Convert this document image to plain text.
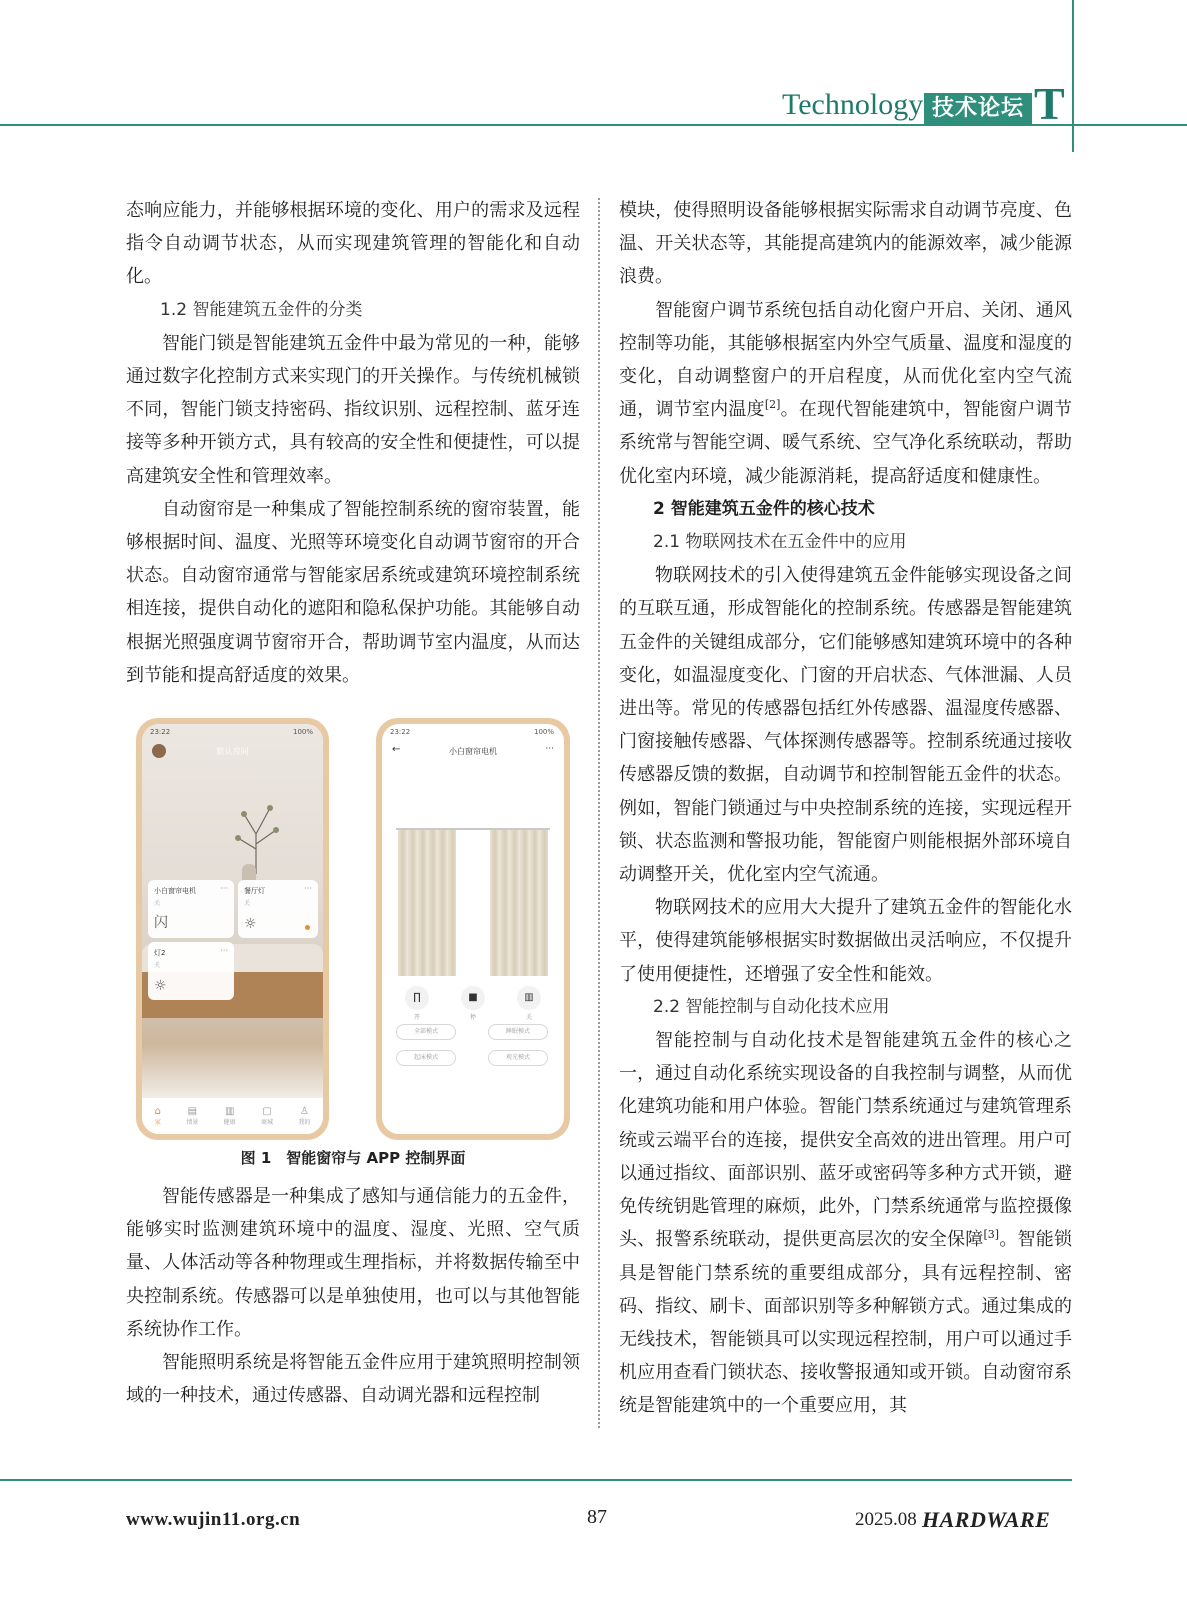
Technology 技术论坛 T

态响应能力，并能够根据环境的变化、用户的需求及远程指令自动调节状态，从而实现建筑管理的智能化和自动化。

1.2 智能建筑五金件的分类

智能门锁是智能建筑五金件中最为常见的一种，能够通过数字化控制方式来实现门的开关操作。与传统机械锁不同，智能门锁支持密码、指纹识别、远程控制、蓝牙连接等多种开锁方式，具有较高的安全性和便捷性，可以提高建筑安全性和管理效率。

自动窗帘是一种集成了智能控制系统的窗帘装置，能够根据时间、温度、光照等环境变化自动调节窗帘的开合状态。自动窗帘通常与智能家居系统或建筑环境控制系统相连接，提供自动化的遮阳和隐私保护功能。其能够自动根据光照强度调节窗帘开合，帮助调节室内温度，从而达到节能和提高舒适度的效果。

23:22	100%
默认房间
小白窗帘电机
关
···
闪
餐厅灯
关
···
☼
灯2
关
···
☼
⌂
家
▤
情景
▥
健康
▢
商城
♙
我的
23:22	100%
←	小白窗帘电机	···
∏
开
■
停
▥
关
全部模式	睡眠模式
起床模式	观光模式
图 1　智能窗帘与 APP 控制界面

智能传感器是一种集成了感知与通信能力的五金件，能够实时监测建筑环境中的温度、湿度、光照、空气质量、人体活动等各种物理或生理指标，并将数据传输至中央控制系统。传感器可以是单独使用，也可以与其他智能系统协作工作。

智能照明系统是将智能五金件应用于建筑照明控制领域的一种技术，通过传感器、自动调光器和远程控制

模块，使得照明设备能够根据实际需求自动调节亮度、色温、开关状态等，其能提高建筑内的能源效率，减少能源浪费。

智能窗户调节系统包括自动化窗户开启、关闭、通风控制等功能，其能够根据室内外空气质量、温度和湿度的变化，自动调整窗户的开启程度，从而优化室内空气流通，调节室内温度[2]。在现代智能建筑中，智能窗户调节系统常与智能空调、暖气系统、空气净化系统联动，帮助优化室内环境，减少能源消耗，提高舒适度和健康性。

2 智能建筑五金件的核心技术

2.1 物联网技术在五金件中的应用

物联网技术的引入使得建筑五金件能够实现设备之间的互联互通，形成智能化的控制系统。传感器是智能建筑五金件的关键组成部分，它们能够感知建筑环境中的各种变化，如温湿度变化、门窗的开启状态、气体泄漏、人员进出等。常见的传感器包括红外传感器、温湿度传感器、门窗接触传感器、气体探测传感器等。控制系统通过接收传感器反馈的数据，自动调节和控制智能五金件的状态。例如，智能门锁通过与中央控制系统的连接，实现远程开锁、状态监测和警报功能，智能窗户则能根据外部环境自动调整开关，优化室内空气流通。

物联网技术的应用大大提升了建筑五金件的智能化水平，使得建筑能够根据实时数据做出灵活响应，不仅提升了使用便捷性，还增强了安全性和能效。

2.2 智能控制与自动化技术应用

智能控制与自动化技术是智能建筑五金件的核心之一，通过自动化系统实现设备的自我控制与调整，从而优化建筑功能和用户体验。智能门禁系统通过与建筑管理系统或云端平台的连接，提供安全高效的进出管理。用户可以通过指纹、面部识别、蓝牙或密码等多种方式开锁，避免传统钥匙管理的麻烦，此外，门禁系统通常与监控摄像头、报警系统联动，提供更高层次的安全保障[3]。智能锁具是智能门禁系统的重要组成部分，具有远程控制、密码、指纹、刷卡、面部识别等多种解锁方式。通过集成的无线技术，智能锁具可以实现远程控制，用户可以通过手机应用查看门锁状态、接收警报通知或开锁。自动窗帘系统是智能建筑中的一个重要应用，其

www.wujin11.org.cn	87	2025.08 HARDWARE
